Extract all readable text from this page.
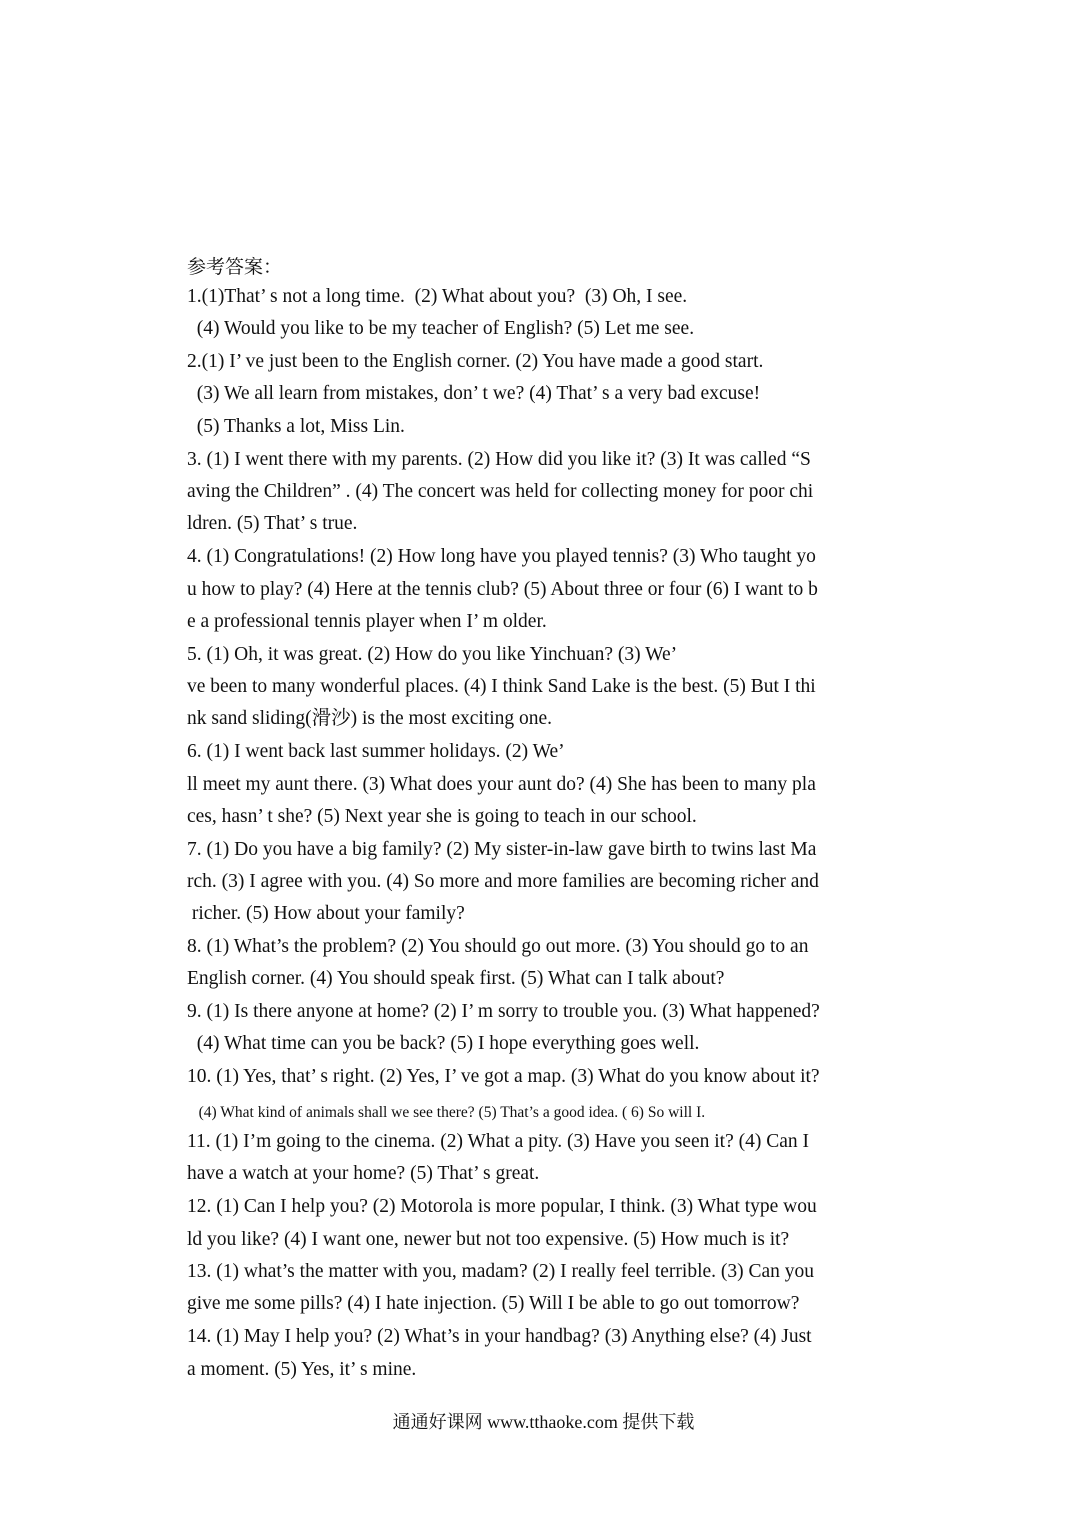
参考答案：
1.(1)That’ s not a long time.  (2) What about you?  (3) Oh, I see.
(4) Would you like to be my teacher of English? (5) Let me see.
2.(1) I’ ve just been to the English corner. (2) You have made a good start.
(3) We all learn from mistakes, don’ t we? (4) That’ s a very bad excuse!
(5) Thanks a lot, Miss Lin.
3. (1) I went there with my parents. (2) How did you like it? (3) It was called “S
aving the Children” . (4) The concert was held for collecting money for poor chi
ldren. (5) That’ s true.
4. (1) Congratulations! (2) How long have you played tennis? (3) Who taught yo
u how to play? (4) Here at the tennis club? (5) About three or four (6) I want to b
e a professional tennis player when I’ m older.
5. (1) Oh, it was great. (2) How do you like Yinchuan? (3) We’
ve been to many wonderful places. (4) I think Sand Lake is the best. (5) But I thi
nk sand sliding(滑沙) is the most exciting one.
6. (1) I went back last summer holidays. (2) We’
ll meet my aunt there. (3) What does your aunt do? (4) She has been to many pla
ces, hasn’ t she? (5) Next year she is going to teach in our school.
7. (1) Do you have a big family? (2) My sister-in-law gave birth to twins last Ma
rch. (3) I agree with you. (4) So more and more families are becoming richer and
richer. (5) How about your family?
8. (1) What’s the problem? (2) You should go out more. (3) You should go to an
English corner. (4) You should speak first. (5) What can I talk about?
9. (1) Is there anyone at home? (2) I’ m sorry to trouble you. (3) What happened?
(4) What time can you be back? (5) I hope everything goes well.
10. (1) Yes, that’ s right. (2) Yes, I’ ve got a map. (3) What do you know about it?
(4) What kind of animals shall we see there? (5) That’s a good idea. ( 6) So will I.
11. (1) I’m going to the cinema. (2) What a pity. (3) Have you seen it? (4) Can I
have a watch at your home? (5) That’ s great.
12. (1) Can I help you? (2) Motorola is more popular, I think. (3) What type wou
ld you like? (4) I want one, newer but not too expensive. (5) How much is it?
13. (1) what’s the matter with you, madam? (2) I really feel terrible. (3) Can you
give me some pills? (4) I hate injection. (5) Will I be able to go out tomorrow?
14. (1) May I help you? (2) What’s in your handbag? (3) Anything else? (4) Just
a moment. (5) Yes, it’ s mine.
通通好课网 www.tthaoke.com 提供下载
